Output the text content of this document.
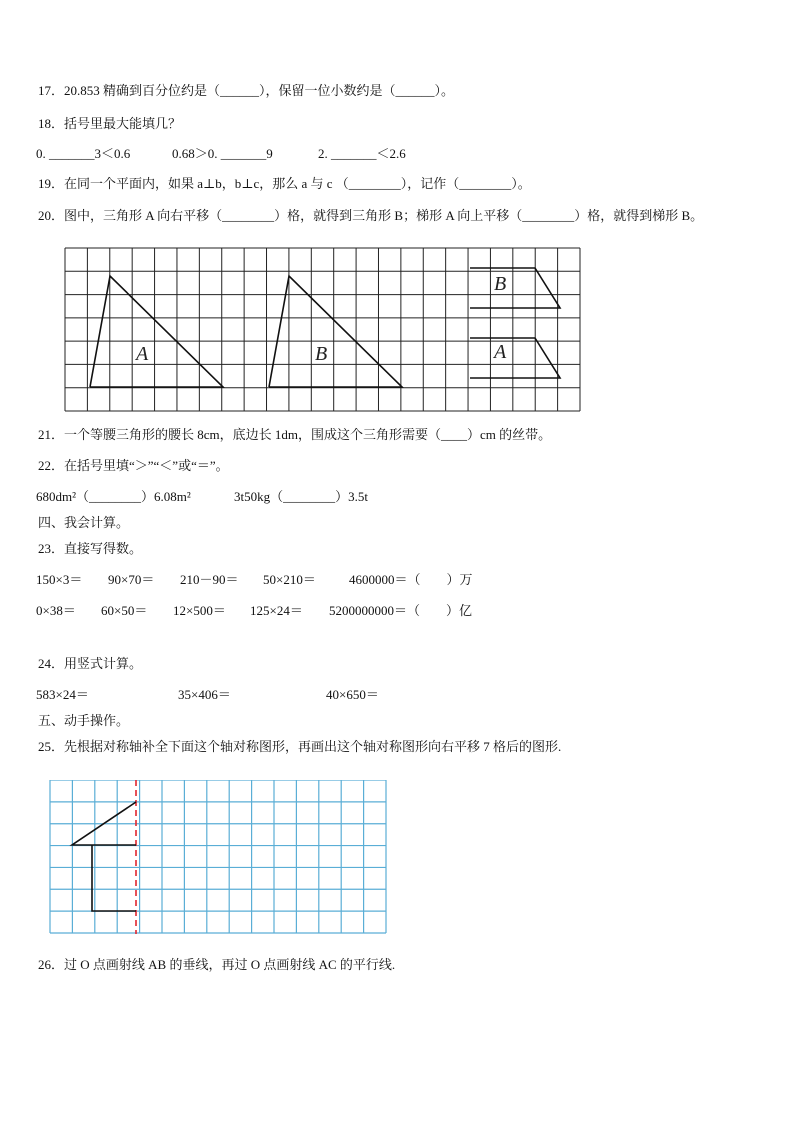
17．20.853 精确到百分位约是（______），保留一位小数约是（______）。
18．括号里最大能填几？
0. _______3＜0.6	0.68＞0. _______9	2. _______＜2.6
19．在同一个平面内，如果 a⊥b，b⊥c，那么 a 与 c （________），记作（________）。
20．图中，三角形 A 向右平移（________）格，就得到三角形 B；梯形 A 向上平移（________）格，就得到梯形 B。
A	B
B
A
21．一个等腰三角形的腰长 8cm，底边长 1dm，围成这个三角形需要（____）cm 的丝带。
22．在括号里填“＞”“＜”或“＝”。
680dm²（________）6.08m²	3t50kg（________）3.5t
四、我会计算。
23．直接写得数。
150×3＝ 90×70＝ 210－90＝ 50×210＝	4600000＝（　　）万
0×38＝ 60×50＝ 12×500＝ 125×24＝ 5200000000＝（　　）亿
24．用竖式计算。
583×24＝	35×406＝	40×650＝
五、动手操作。
25．先根据对称轴补全下面这个轴对称图形，再画出这个轴对称图形向右平移 7 格后的图形.
26．过 O 点画射线 AB 的垂线，再过 O 点画射线 AC 的平行线.
